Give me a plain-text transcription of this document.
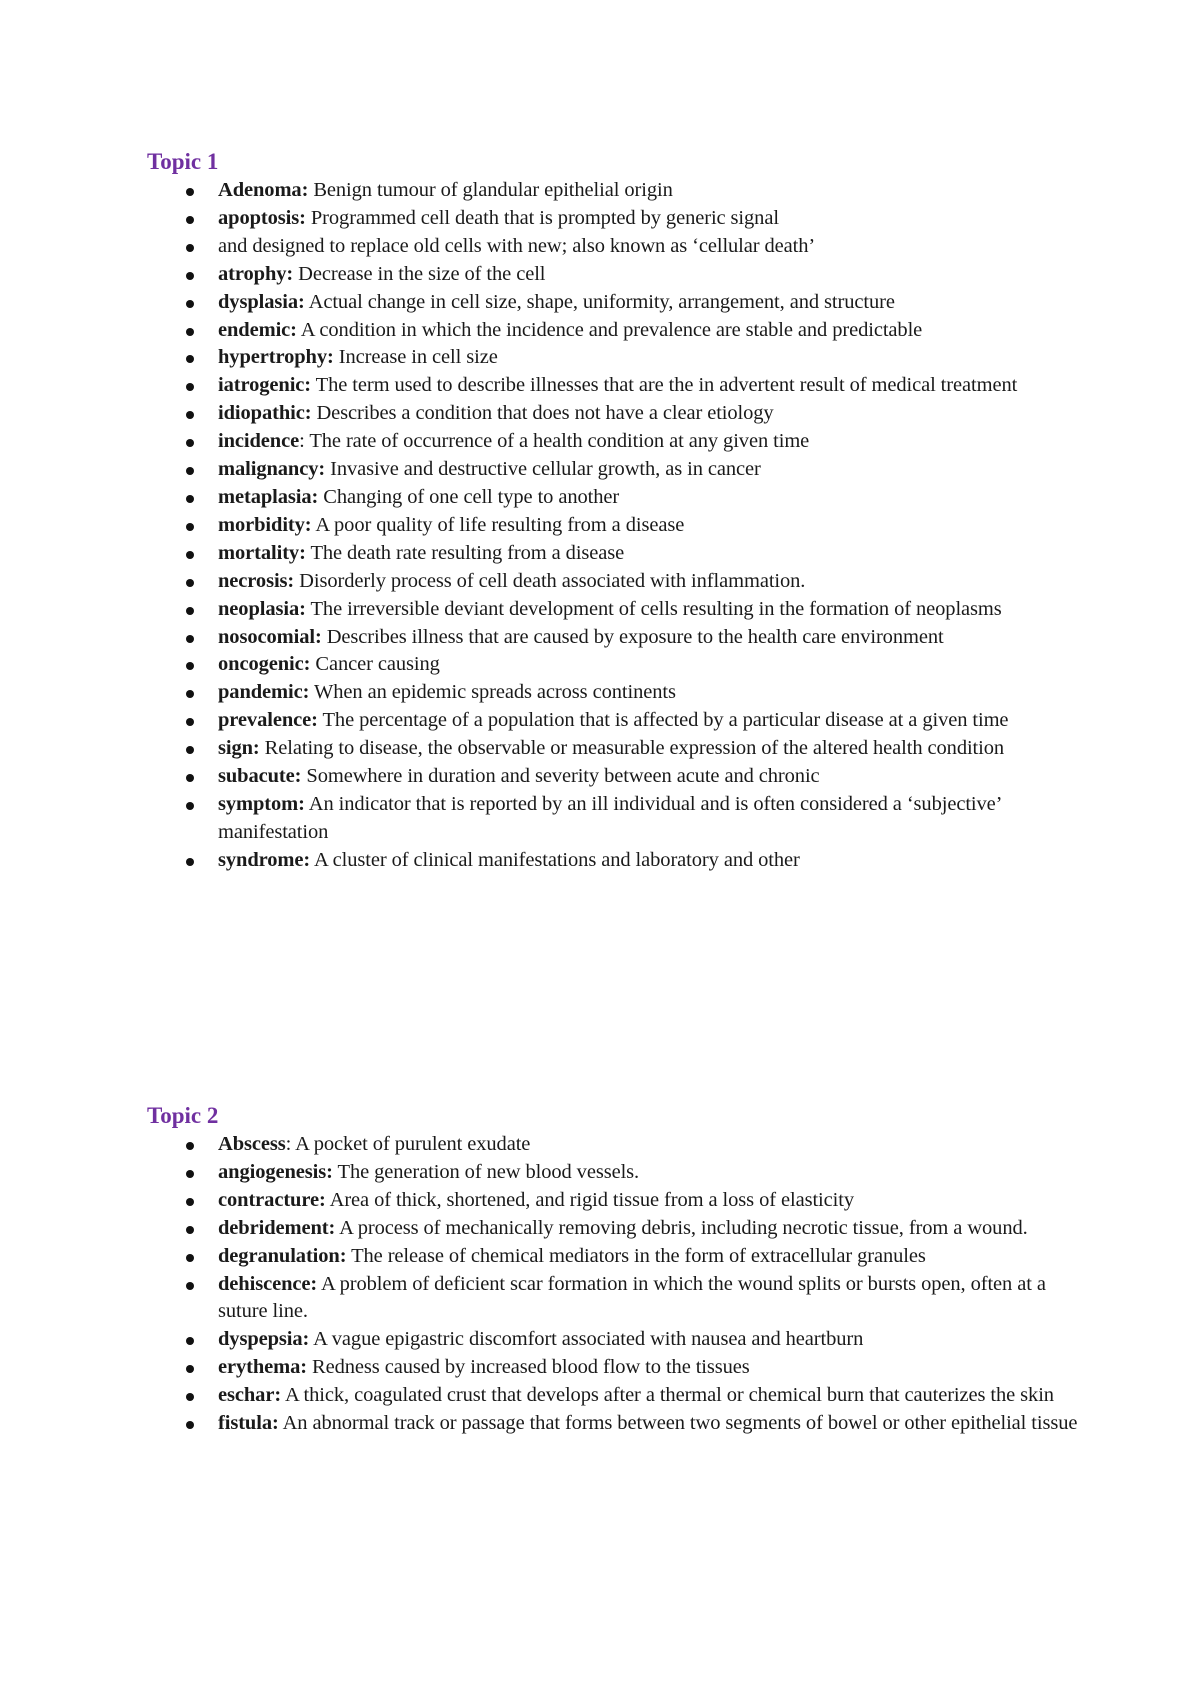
Topic 1
Adenoma: Benign tumour of glandular epithelial origin
apoptosis: Programmed cell death that is prompted by generic signal
and designed to replace old cells with new; also known as ‘cellular death’
atrophy: Decrease in the size of the cell
dysplasia: Actual change in cell size, shape, uniformity, arrangement, and structure
endemic: A condition in which the incidence and prevalence are stable and predictable
hypertrophy: Increase in cell size
iatrogenic: The term used to describe illnesses that are the in advertent result of medical treatment
idiopathic: Describes a condition that does not have a clear etiology
incidence: The rate of occurrence of a health condition at any given time
malignancy: Invasive and destructive cellular growth, as in cancer
metaplasia: Changing of one cell type to another
morbidity: A poor quality of life resulting from a disease
mortality: The death rate resulting from a disease
necrosis: Disorderly process of cell death associated with inflammation.
neoplasia: The irreversible deviant development of cells resulting in the formation of neoplasms
nosocomial: Describes illness that are caused by exposure to the health care environment
oncogenic: Cancer causing
pandemic: When an epidemic spreads across continents
prevalence: The percentage of a population that is affected by a particular disease at a given time
sign: Relating to disease, the observable or measurable expression of the altered health condition
subacute: Somewhere in duration and severity between acute and chronic
symptom: An indicator that is reported by an ill individual and is often considered a ‘subjective’ manifestation
syndrome: A cluster of clinical manifestations and laboratory and other
Topic 2
Abscess: A pocket of purulent exudate
angiogenesis: The generation of new blood vessels.
contracture: Area of thick, shortened, and rigid tissue from a loss of elasticity
debridement: A process of mechanically removing debris, including necrotic tissue, from a wound.
degranulation: The release of chemical mediators in the form of extracellular granules
dehiscence: A problem of deficient scar formation in which the wound splits or bursts open, often at a suture line.
dyspepsia: A vague epigastric discomfort associated with nausea and heartburn
erythema: Redness caused by increased blood flow to the tissues
eschar: A thick, coagulated crust that develops after a thermal or chemical burn that cauterizes the skin
fistula: An abnormal track or passage that forms between two segments of bowel or other epithelial tissue
